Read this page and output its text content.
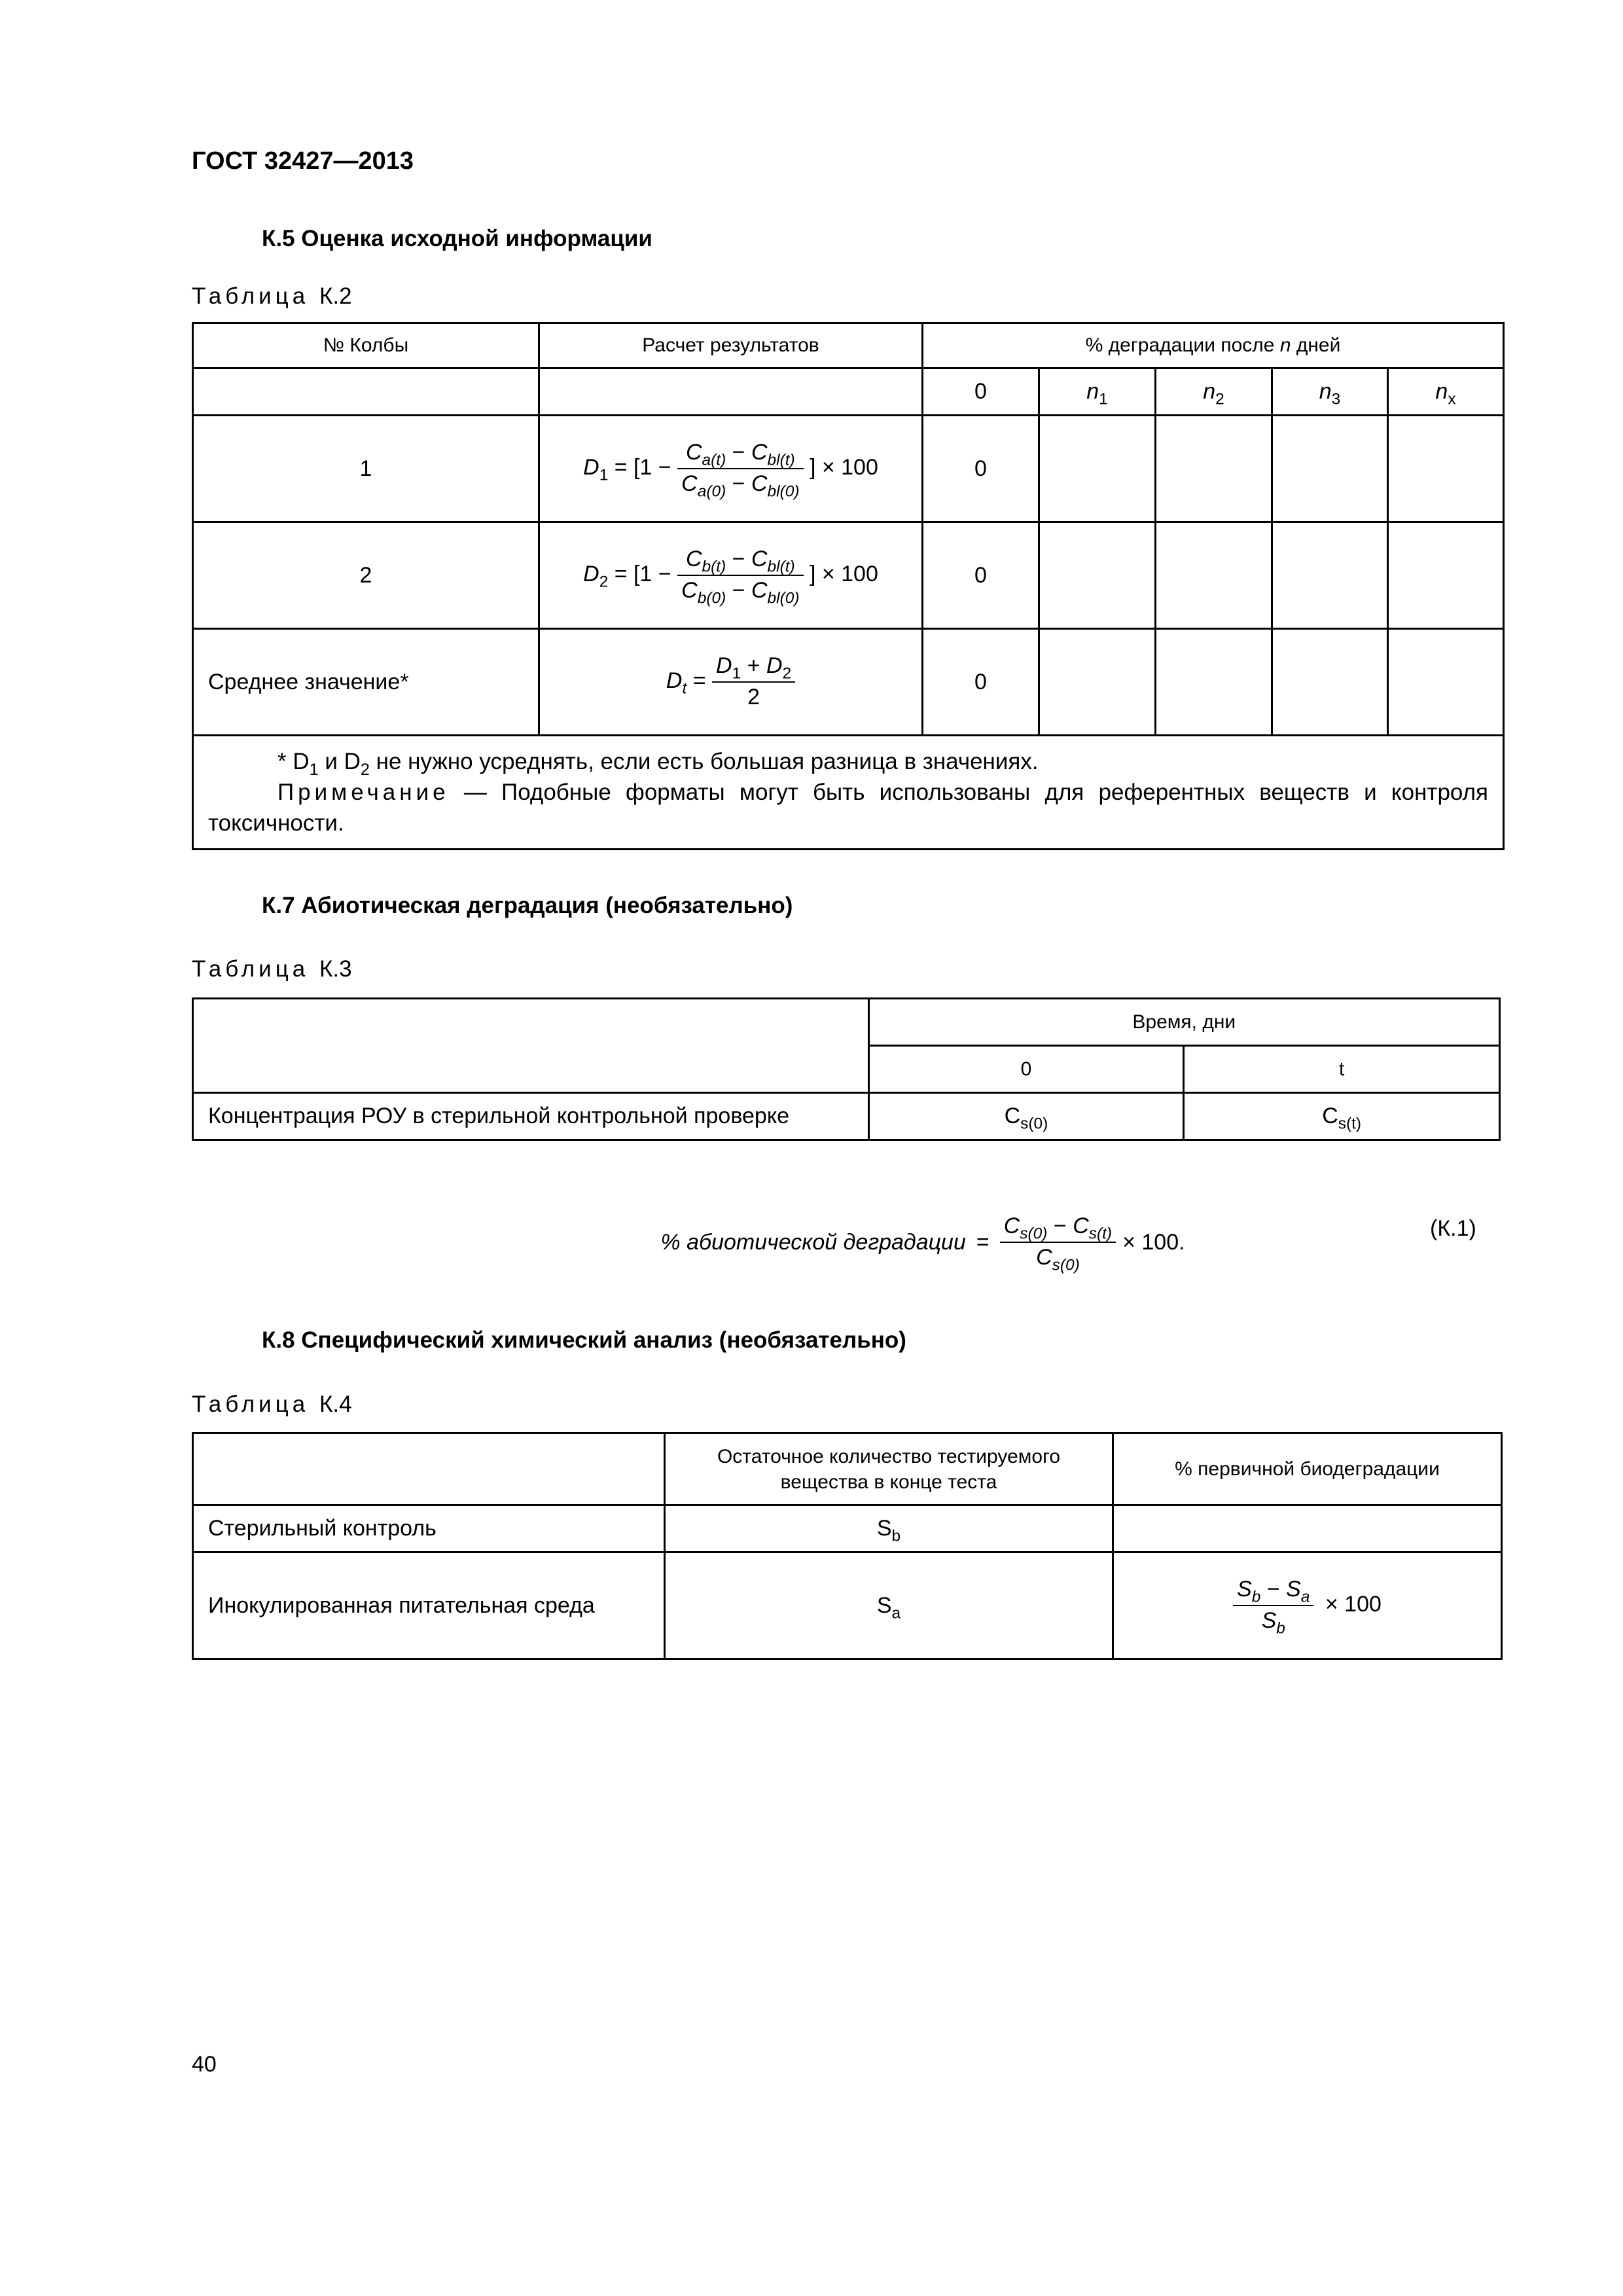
ГОСТ 32427—2013
К.5 Оценка исходной информации
Таблица К.2
№ Колбы	Расчет результатов	% деградации после n дней				
		0	$n_1$	$n_2$	$n_3$	$n_x$
1	$D_1 = [1 - \frac{C_{a(t)} - C_{bl(t)}}{C_{a(0)} - C_{bl(0)}}$ ] × 100	0				
2	$D_2 = [1 - \frac{C_{b(t)} - C_{bl(t)}}{C_{b(0)} - C_{bl(0)}}$ ] × 100	0				
Среднее значение*	$D_t = \frac{D_1 + D_2}{2}$	0				

* $D_1$ и $D_2$ не нужно усреднять, если есть большая разница в значениях.
Примечание — Подобные форматы могут быть использованы для референтных веществ и контроля токсичности.						
К.7 Абиотическая деградация (необязательно)
Таблица К.3
	Время, дни	
	0	t
Концентрация РОУ в стерильной контрольной проверке	$C_{s(0)}$	$C_{s(t)}$
% абиотической деградации = $\frac{C_{s(0)} - C_{s(t)}}{C_{s(0)}} \times 100$.
(К.1)
К.8 Специфический химический анализ (необязательно)
Таблица К.4
	Остаточное количество тестируемого вещества в конце теста	% первичной биодеградации
Стерильный контроль	$S_b$	
Инокулированная питательная среда	$S_a$	$\frac{S_b - S_a}{S_b} \times 100$
40
